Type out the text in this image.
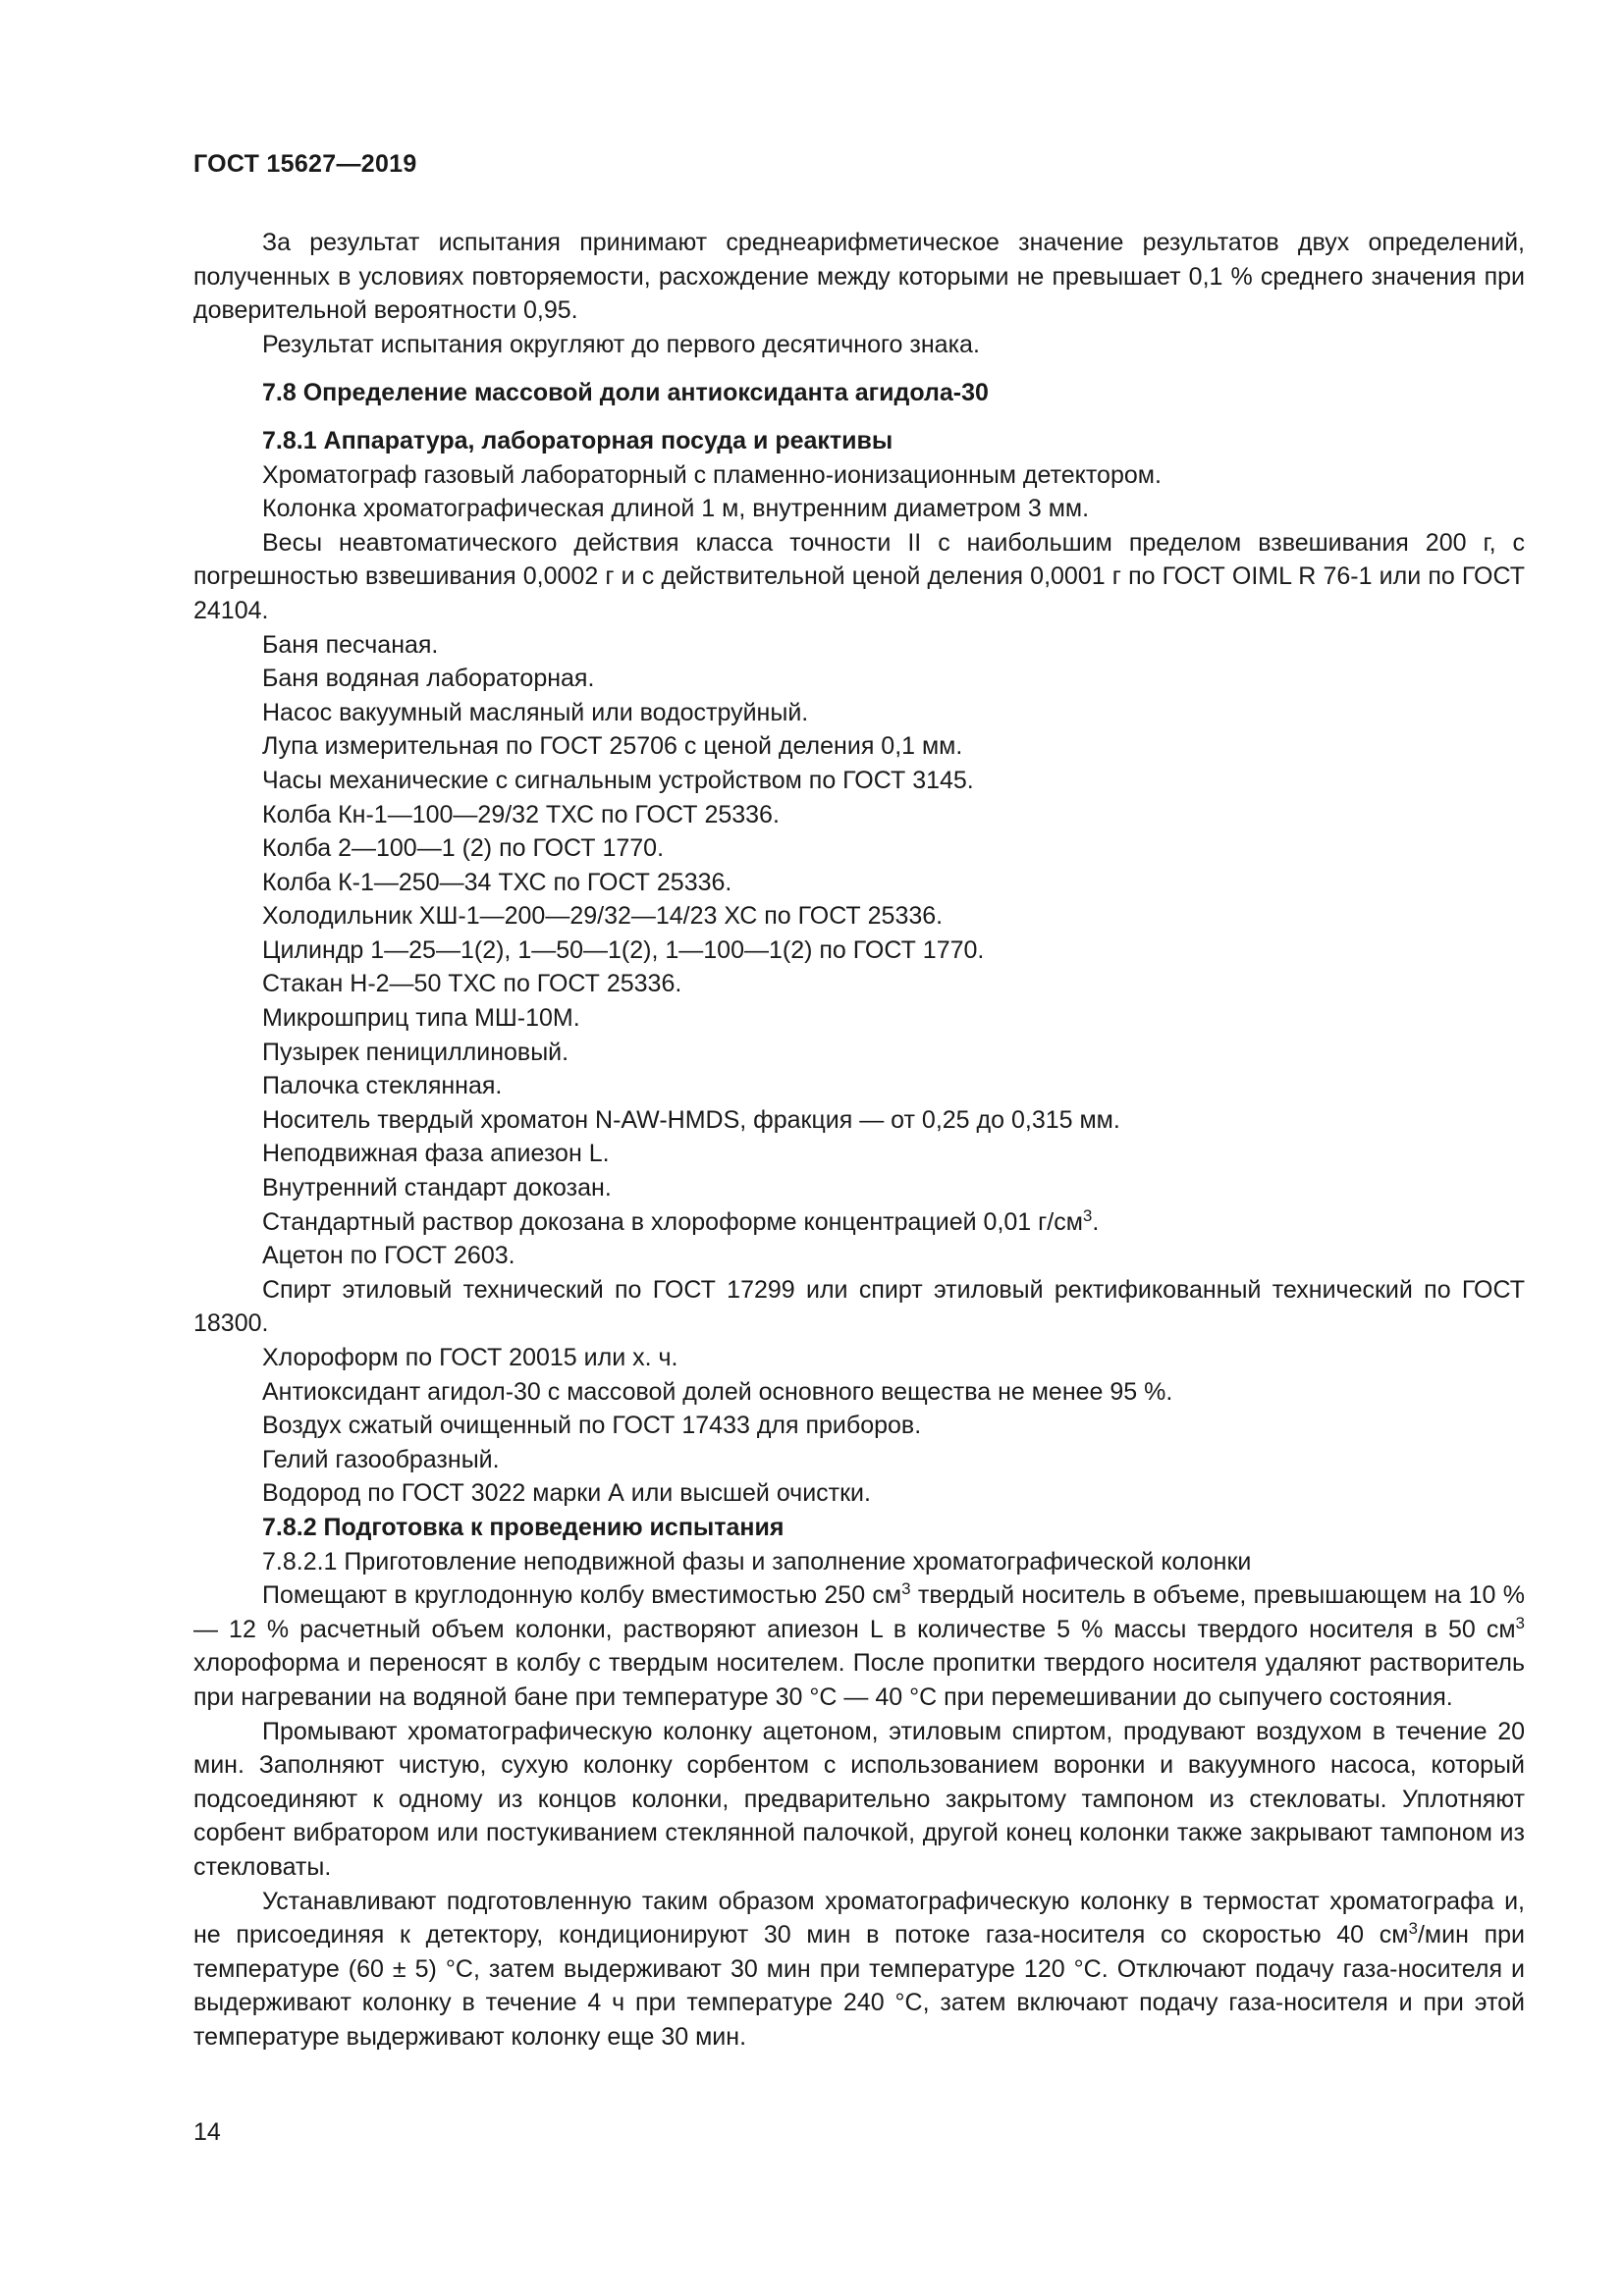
ГОСТ 15627—2019

За результат испытания принимают среднеарифметическое значение результатов двух определений, полученных в условиях повторяемости, расхождение между которыми не превышает 0,1 % среднего значения при доверительной вероятности 0,95.

Результат испытания округляют до первого десятичного знака.

7.8 Определение массовой доли антиоксиданта агидола-30

7.8.1 Аппаратура, лабораторная посуда и реактивы

Хроматограф газовый лабораторный с пламенно-ионизационным детектором.

Колонка хроматографическая длиной 1 м, внутренним диаметром 3 мм.

Весы неавтоматического действия класса точности II с наибольшим пределом взвешивания 200 г, с погрешностью взвешивания 0,0002 г и с действительной ценой деления 0,0001 г по ГОСТ OIML R 76-1 или по ГОСТ 24104.

Баня песчаная.

Баня водяная лабораторная.

Насос вакуумный масляный или водоструйный.

Лупа измерительная по ГОСТ 25706 с ценой деления 0,1 мм.

Часы механические с сигнальным устройством по ГОСТ 3145.

Колба Кн-1—100—29/32 ТХС по ГОСТ 25336.

Колба 2—100—1 (2) по ГОСТ 1770.

Колба К-1—250—34 ТХС по ГОСТ 25336.

Холодильник ХШ-1—200—29/32—14/23 ХС по ГОСТ 25336.

Цилиндр 1—25—1(2), 1—50—1(2), 1—100—1(2) по ГОСТ 1770.

Стакан Н-2—50 ТХС по ГОСТ 25336.

Микрошприц типа МШ-10М.

Пузырек пенициллиновый.

Палочка стеклянная.

Носитель твердый хроматон N-AW-HMDS, фракция — от 0,25 до 0,315 мм.

Неподвижная фаза апиезон L.

Внутренний стандарт докозан.

Стандартный раствор докозана в хлороформе концентрацией 0,01 $г/см^3$.

Ацетон по ГОСТ 2603.

Спирт этиловый технический по ГОСТ 17299 или спирт этиловый ректификованный технический по ГОСТ 18300.

Хлороформ по ГОСТ 20015 или х. ч.

Антиоксидант агидол-30 с массовой долей основного вещества не менее 95 %.

Воздух сжатый очищенный по ГОСТ 17433 для приборов.

Гелий газообразный.

Водород по ГОСТ 3022 марки А или высшей очистки.

7.8.2 Подготовка к проведению испытания

7.8.2.1 Приготовление неподвижной фазы и заполнение хроматографической колонки

Помещают в круглодонную колбу вместимостью 250 $см^3$ твердый носитель в объеме, превышающем на 10 % — 12 % расчетный объем колонки, растворяют апиезон L в количестве 5 % массы твердого носителя в 50 $см^3$ хлороформа и переносят в колбу с твердым носителем. После пропитки твердого носителя удаляют растворитель при нагревании на водяной бане при температуре 30 °С — 40 °С при перемешивании до сыпучего состояния.

Промывают хроматографическую колонку ацетоном, этиловым спиртом, продувают воздухом в течение 20 мин. Заполняют чистую, сухую колонку сорбентом с использованием воронки и вакуумного насоса, который подсоединяют к одному из концов колонки, предварительно закрытому тампоном из стекловаты. Уплотняют сорбент вибратором или постукиванием стеклянной палочкой, другой конец колонки также закрывают тампоном из стекловаты.

Устанавливают подготовленную таким образом хроматографическую колонку в термостат хроматографа и, не присоединяя к детектору, кондиционируют 30 мин в потоке газа-носителя со скоростью 40 $см^3$/мин при температуре (60 ± 5) °С, затем выдерживают 30 мин при температуре 120 °С. Отключают подачу газа-носителя и выдерживают колонку в течение 4 ч при температуре 240 °С, затем включают подачу газа-носителя и при этой температуре выдерживают колонку еще 30 мин.

14
